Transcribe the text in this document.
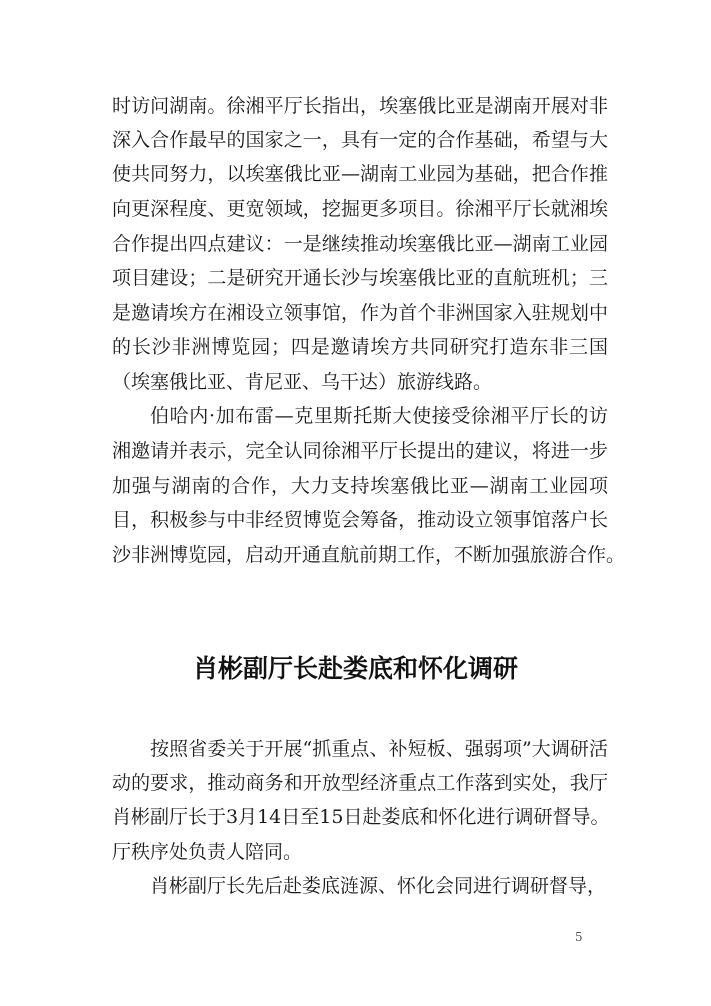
时访问湖南。徐湘平厅长指出，埃塞俄比亚是湖南开展对非
深入合作最早的国家之一，具有一定的合作基础，希望与大
使共同努力，以埃塞俄比亚—湖南工业园为基础，把合作推
向更深程度、更宽领域，挖掘更多项目。徐湘平厅长就湘埃
合作提出四点建议：一是继续推动埃塞俄比亚—湖南工业园
项目建设；二是研究开通长沙与埃塞俄比亚的直航班机；三
是邀请埃方在湘设立领事馆，作为首个非洲国家入驻规划中
的长沙非洲博览园；四是邀请埃方共同研究打造东非三国
（埃塞俄比亚、肯尼亚、乌干达）旅游线路。
伯哈内·加布雷—克里斯托斯大使接受徐湘平厅长的访
湘邀请并表示，完全认同徐湘平厅长提出的建议，将进一步
加强与湖南的合作，大力支持埃塞俄比亚—湖南工业园项
目，积极参与中非经贸博览会筹备，推动设立领事馆落户长
沙非洲博览园，启动开通直航前期工作，不断加强旅游合作。
肖彬副厅长赴娄底和怀化调研
按照省委关于开展“抓重点、补短板、强弱项”大调研活
动的要求，推动商务和开放型经济重点工作落到实处，我厅
肖彬副厅长于3月14日至15日赴娄底和怀化进行调研督导。
厅秩序处负责人陪同。
肖彬副厅长先后赴娄底涟源、怀化会同进行调研督导，
5
